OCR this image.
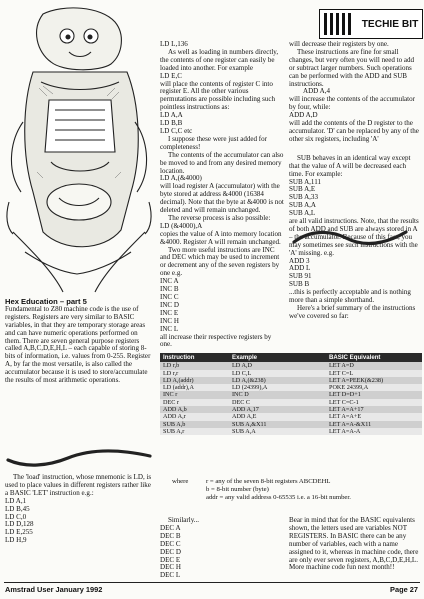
TECHIE BIT

Hex Education – part 5

Fundamental to Z80 machine code is the use of registers. Registers are very similar to BASIC variables, in that they are temporary storage areas and can have numeric operations performed on them. There are seven general purpose registers called A,B,C,D,E,H,L – each capable of storing 8-bits of information, i.e. values from 0-255. Register A, by far the most versatile, is also called the accumulator because it is used to store/accumulate the results of most arithmetic operations.

LD L,136

As well as loading in numbers directly, the contents of one register can easily be loaded into another. For example

LD E,C

will place the contents of register C into register E. All the other various permutations are possible including such pointless instructions as:

LD A,A
LD B,B
LD C,C etc

I suppose these were just added for completeness!

The contents of the accumulator can also be moved to and from any desired memory location.

LD A,(&4000)

will load register A (accumulator) with the byte stored at address &4000 (16384 decimal). Note that the byte at &4000 is not deleted and will remain unchanged.

The reverse process is also possible:

LD (&4000),A

copies the value of A into memory location &4000. Register A will remain unchanged.

Two more useful instructions are INC and DEC which may be used to increment or decrement any of the seven registers by one e.g.

INC A
INC B
INC C
INC D
INC E
INC H
INC L

all increase their respective registers by one.

will decrease their registers by one.

These instructions are fine for small changes, but very often you will need to add or subtract larger numbers. Such operations can be performed with the ADD and SUB instructions.

ADD A,4

will increase the contents of the accumulator by four, while:

ADD A,D

will add the contents of the D register to the accumulator. 'D' can be replaced by any of the other six registers, including 'A'

SUB behaves in an identical way except that the value of A will be decreased each time. For example:

SUB A,111
SUB A,E
SUB A,33
SUB A,A
SUB A,L

are all valid instructions. Note, that the results of both ADD and SUB are always stored in A – the accumulator. Because of this fact, you may sometimes see such instructions with the 'A' missing. e.g.

ADD 3
ADD L
SUB 91
SUB B

...this is perfectly acceptable and is nothing more than a simple shorthand.

Here's a brief summary of the instructions we've covered so far:

Instruction	Example	BASIC Equivalent
LD r,b	LD A,D	LET A=D
LD r,r	LD C,L	LET C=L
LD A,(addr)	LD A,(&238)	LET A=PEEK(&238)
LD (addr),A	LD (24399),A	POKE 24399,A
INC r	INC D	LET D=D+1
DEC r	DEC C	LET C=C-1
ADD A,b	ADD A,17	LET A=A+17
ADD A,r	ADD A,E	LET A=A+E
SUB A,b	SUB A,&X11	LET A=A-&X11
SUB A,r	SUB A,A	LET A=A-A
where	r = any of the seven 8-bit registers ABCDEHL
b = 8-bit number (byte)
addr = any valid address 0-65535 i.e. a 16-bit number.

The 'load' instruction, whose mnemonic is LD, is used to place values in different registers rather like a BASIC 'LET' instruction e.g.:

LD A,1
LD B,45
LD C,0
LD D,128
LD E,255
LD H,9

Similarly...

DEC A
DEC B
DEC C
DEC D
DEC E
DEC H
DEC L

Bear in mind that for the BASIC equivalents shown, the letters used are variables NOT REGISTERS. In BASIC there can be any number of variables, each with a name assigned to it, whereas in machine code, there are only ever seven registers, A,B,C,D,E,H,L.

More machine code fun next month!!

Amstrad User January 1992	Page 27
